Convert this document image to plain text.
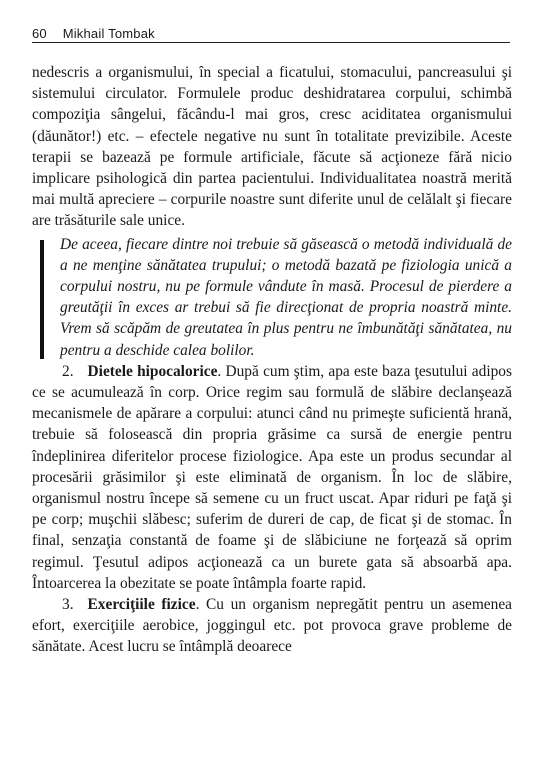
60 Mikhail Tombak

nedescris a organismului, în special a ficatului, stomacului, pancreasului şi sistemului circulator. Formulele produc deshidratarea corpului, schimbă compoziţia sângelui, făcându-l mai gros, cresc aciditatea organismului (dăunător!) etc. – efectele negative nu sunt în totalitate previzibile. Aceste terapii se bazează pe formule artificiale, făcute să acţioneze fără nicio implicare psihologică din partea pacientului. Individualitatea noastră merită mai multă apreciere – corpurile noastre sunt diferite unul de celălalt şi fiecare are trăsăturile sale unice.

De aceea, fiecare dintre noi trebuie să găsească o metodă individuală de a ne menţine sănătatea trupului; o metodă bazată pe fiziologia unică a corpului nostru, nu pe formule vândute în masă. Procesul de pierdere a greutăţii în exces ar trebui să fie direcţionat de propria noastră minte. Vrem să scăpăm de greutatea în plus pentru ne îmbunătăţi sănătatea, nu pentru a deschide calea bolilor.

2. Dietele hipocalorice. După cum ştim, apa este baza ţesutului adipos ce se acumulează în corp. Orice regim sau formulă de slăbire declanşează mecanismele de apărare a corpului: atunci când nu primeşte suficientă hrană, trebuie să folosească din propria grăsime ca sursă de energie pentru îndeplinirea diferitelor procese fiziologice. Apa este un produs secundar al procesării grăsimilor şi este eliminată de organism. În loc de slăbire, organismul nostru începe să semene cu un fruct uscat. Apar riduri pe faţă şi pe corp; muşchii slăbesc; suferim de dureri de cap, de ficat şi de stomac. În final, senzaţia constantă de foame şi de slăbiciune ne forţează să oprim regimul. Ţesutul adipos acţionează ca un burete gata să absoarbă apa. Întoarcerea la obezitate se poate întâmpla foarte rapid.

3. Exerciţiile fizice. Cu un organism nepregătit pentru un asemenea efort, exerciţiile aerobice, joggingul etc. pot provoca grave probleme de sănătate. Acest lucru se întâmplă deoarece
